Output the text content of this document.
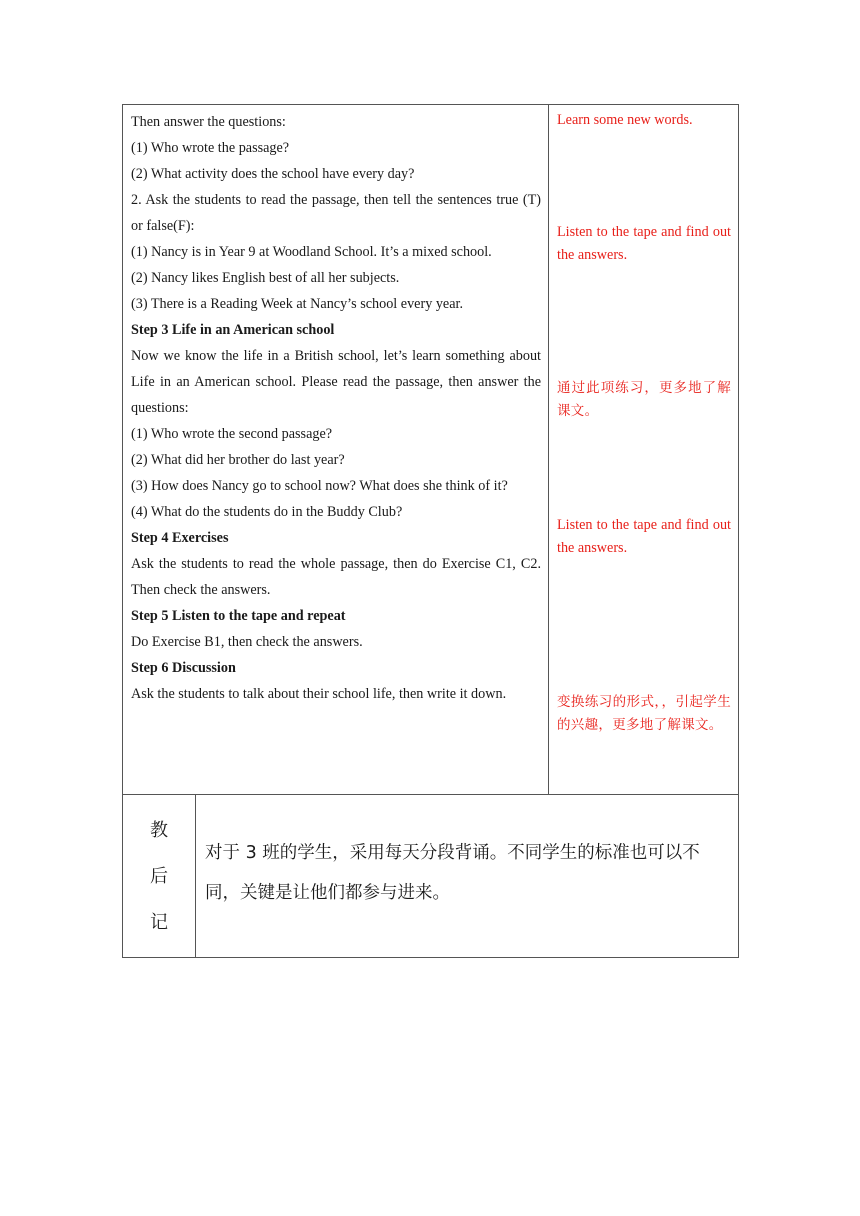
Then answer the questions:

(1) Who wrote the passage?

(2) What activity does the school have every day?

2. Ask the students to read the passage, then tell the sentences true (T) or false(F):

(1) Nancy is in Year 9 at Woodland School. It’s a mixed school.

(2) Nancy likes English best of all her subjects.

(3) There is a Reading Week at Nancy’s school every year.

Step 3 Life in an American school

Now we know the life in a British school, let’s learn something about Life in an American school. Please read the passage, then answer the questions:

(1) Who wrote the second passage?

(2) What did her brother do last year?

(3) How does Nancy go to school now? What does she think of it?

(4) What do the students do in the Buddy Club?

Step 4 Exercises

Ask the students to read the whole passage, then do Exercise C1, C2. Then check the answers.

Step 5 Listen to the tape and repeat

Do Exercise B1, then check the answers.

Step 6 Discussion

Ask the students to talk about their school life, then write it down.

Learn some new words.
Listen to the tape and find out the answers.
通过此项练习，更多地了解课文。
Listen to the tape and find out the answers.
变换练习的形式，，引起学生的兴趣，更多地了解课文。
教
后
记
对于 3 班的学生，采用每天分段背诵。不同学生的标准也可以不同，关键是让他们都参与进来。
